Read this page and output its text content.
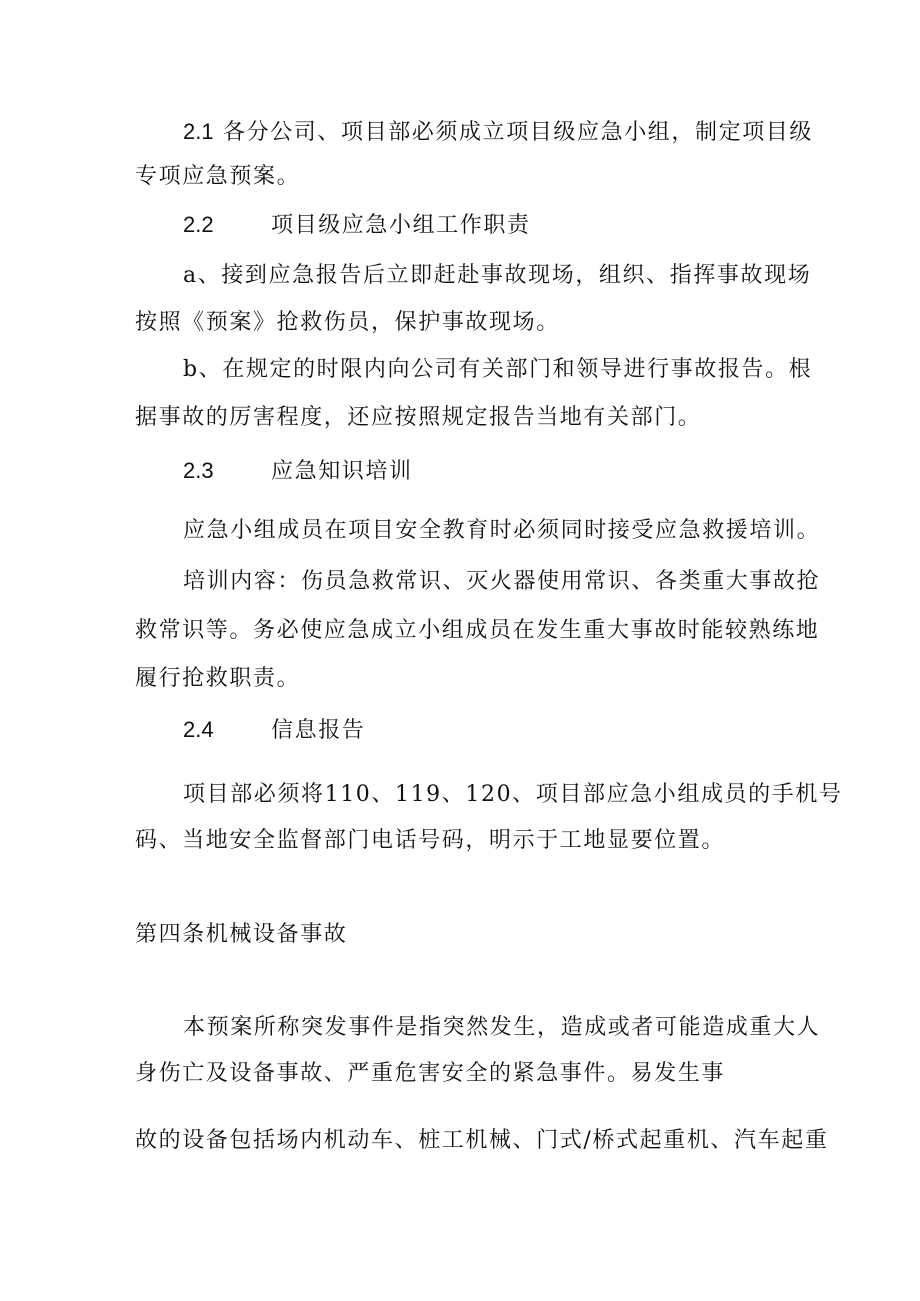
2.1 各分公司、项目部必须成立项目级应急小组，制定项目级
专项应急预案。
2.2	项目级应急小组工作职责
a、接到应急报告后立即赶赴事故现场，组织、指挥事故现场
按照《预案》抢救伤员，保护事故现场。
b、在规定的时限内向公司有关部门和领导进行事故报告。根
据事故的厉害程度，还应按照规定报告当地有关部门。
2.3	应急知识培训
应急小组成员在项目安全教育时必须同时接受应急救援培训。
培训内容：伤员急救常识、灭火器使用常识、各类重大事故抢
救常识等。务必使应急成立小组成员在发生重大事故时能较熟练地
履行抢救职责。
2.4	信息报告
项目部必须将110、119、120、项目部应急小组成员的手机号
码、当地安全监督部门电话号码，明示于工地显要位置。
第四条机械设备事故
本预案所称突发事件是指突然发生，造成或者可能造成重大人
身伤亡及设备事故、严重危害安全的紧急事件。易发生事
故的设备包括场内机动车、桩工机械、门式/桥式起重机、汽车起重
